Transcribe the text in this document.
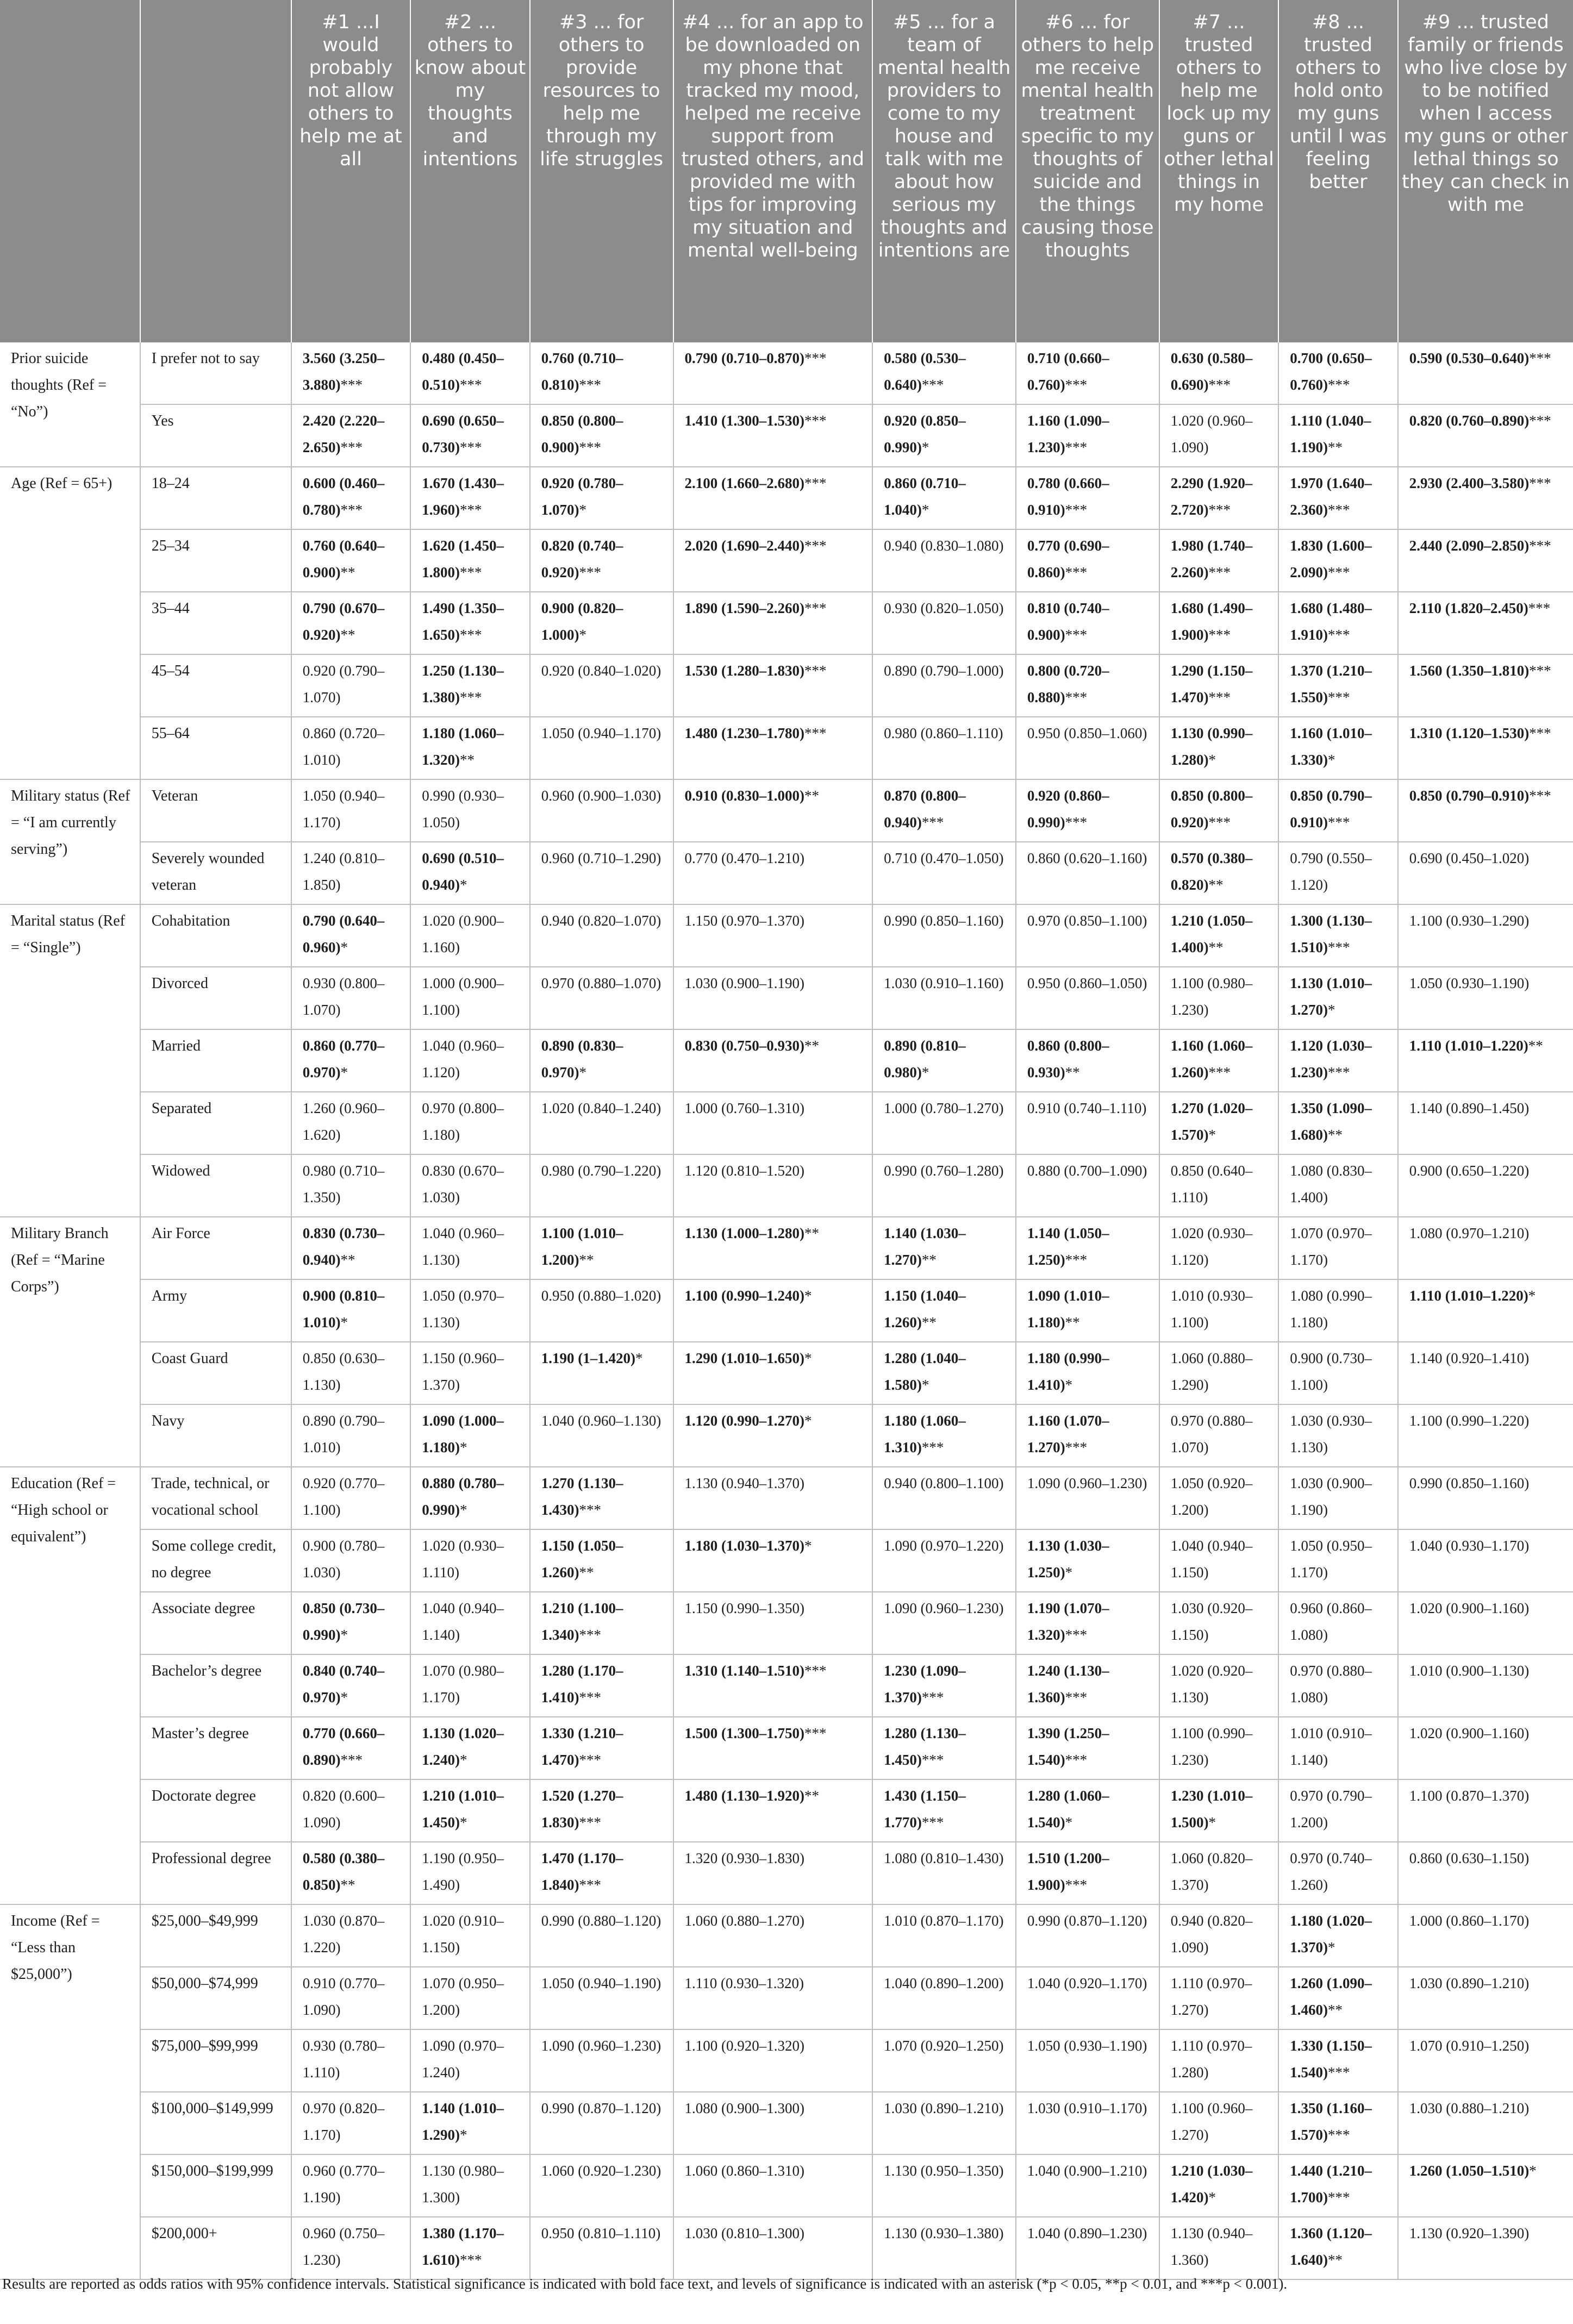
		#1 ...I would probably not allow others to help me at all	#2 ... others to know about my thoughts and intentions	#3 ... for others to provide resources to help me through my life struggles	#4 ... for an app to be downloaded on my phone that tracked my mood, helped me receive support from trusted others, and provided me with tips for improving my situation and mental well-being	#5 ... for a team of mental health providers to come to my house and talk with me about how serious my thoughts and intentions are	#6 ... for others to help me receive mental health treatment specific to my thoughts of suicide and the things causing those thoughts	#7 ... trusted others to help me lock up my guns or other lethal things in my home	#8 ... trusted others to hold onto my guns until I was feeling better	#9 ... trusted family or friends who live close by to be notified when I access my guns or other lethal things so they can check in with me
Prior suicide thoughts (Ref = “No”)	I prefer not to say	3.560 (3.250–3.880)***	0.480 (0.450–0.510)***	0.760 (0.710–0.810)***	0.790 (0.710–0.870)***	0.580 (0.530–0.640)***	0.710 (0.660–0.760)***	0.630 (0.580–0.690)***	0.700 (0.650–0.760)***	0.590 (0.530–0.640)***
	Yes	2.420 (2.220–2.650)***	0.690 (0.650–0.730)***	0.850 (0.800–0.900)***	1.410 (1.300–1.530)***	0.920 (0.850–0.990)*	1.160 (1.090–1.230)***	1.020 (0.960–1.090)	1.110 (1.040–1.190)**	0.820 (0.760–0.890)***
Age (Ref = 65+)	18–24	0.600 (0.460–0.780)***	1.670 (1.430–1.960)***	0.920 (0.780–1.070)*	2.100 (1.660–2.680)***	0.860 (0.710–1.040)*	0.780 (0.660–0.910)***	2.290 (1.920–2.720)***	1.970 (1.640–2.360)***	2.930 (2.400–3.580)***
	25–34	0.760 (0.640–0.900)**	1.620 (1.450–1.800)***	0.820 (0.740–0.920)***	2.020 (1.690–2.440)***	0.940 (0.830–1.080)	0.770 (0.690–0.860)***	1.980 (1.740–2.260)***	1.830 (1.600–2.090)***	2.440 (2.090–2.850)***
	35–44	0.790 (0.670–0.920)**	1.490 (1.350–1.650)***	0.900 (0.820–1.000)*	1.890 (1.590–2.260)***	0.930 (0.820–1.050)	0.810 (0.740–0.900)***	1.680 (1.490–1.900)***	1.680 (1.480–1.910)***	2.110 (1.820–2.450)***
	45–54	0.920 (0.790–1.070)	1.250 (1.130–1.380)***	0.920 (0.840–1.020)	1.530 (1.280–1.830)***	0.890 (0.790–1.000)	0.800 (0.720–0.880)***	1.290 (1.150–1.470)***	1.370 (1.210–1.550)***	1.560 (1.350–1.810)***
	55–64	0.860 (0.720–1.010)	1.180 (1.060–1.320)**	1.050 (0.940–1.170)	1.480 (1.230–1.780)***	0.980 (0.860–1.110)	0.950 (0.850–1.060)	1.130 (0.990–1.280)*	1.160 (1.010–1.330)*	1.310 (1.120–1.530)***
Military status (Ref = “I am currently serving”)	Veteran	1.050 (0.940–1.170)	0.990 (0.930–1.050)	0.960 (0.900–1.030)	0.910 (0.830–1.000)**	0.870 (0.800–0.940)***	0.920 (0.860–0.990)***	0.850 (0.800–0.920)***	0.850 (0.790–0.910)***	0.850 (0.790–0.910)***
	Severely wounded veteran	1.240 (0.810–1.850)	0.690 (0.510–0.940)*	0.960 (0.710–1.290)	0.770 (0.470–1.210)	0.710 (0.470–1.050)	0.860 (0.620–1.160)	0.570 (0.380–0.820)**	0.790 (0.550–1.120)	0.690 (0.450–1.020)
Marital status (Ref = “Single”)	Cohabitation	0.790 (0.640–0.960)*	1.020 (0.900–1.160)	0.940 (0.820–1.070)	1.150 (0.970–1.370)	0.990 (0.850–1.160)	0.970 (0.850–1.100)	1.210 (1.050–1.400)**	1.300 (1.130–1.510)***	1.100 (0.930–1.290)
	Divorced	0.930 (0.800–1.070)	1.000 (0.900–1.100)	0.970 (0.880–1.070)	1.030 (0.900–1.190)	1.030 (0.910–1.160)	0.950 (0.860–1.050)	1.100 (0.980–1.230)	1.130 (1.010–1.270)*	1.050 (0.930–1.190)
	Married	0.860 (0.770–0.970)*	1.040 (0.960–1.120)	0.890 (0.830–0.970)*	0.830 (0.750–0.930)**	0.890 (0.810–0.980)*	0.860 (0.800–0.930)**	1.160 (1.060–1.260)***	1.120 (1.030–1.230)***	1.110 (1.010–1.220)**
	Separated	1.260 (0.960–1.620)	0.970 (0.800–1.180)	1.020 (0.840–1.240)	1.000 (0.760–1.310)	1.000 (0.780–1.270)	0.910 (0.740–1.110)	1.270 (1.020–1.570)*	1.350 (1.090–1.680)**	1.140 (0.890–1.450)
	Widowed	0.980 (0.710–1.350)	0.830 (0.670–1.030)	0.980 (0.790–1.220)	1.120 (0.810–1.520)	0.990 (0.760–1.280)	0.880 (0.700–1.090)	0.850 (0.640–1.110)	1.080 (0.830–1.400)	0.900 (0.650–1.220)
Military Branch (Ref = “Marine Corps”)	Air Force	0.830 (0.730–0.940)**	1.040 (0.960–1.130)	1.100 (1.010–1.200)**	1.130 (1.000–1.280)**	1.140 (1.030–1.270)**	1.140 (1.050–1.250)***	1.020 (0.930–1.120)	1.070 (0.970–1.170)	1.080 (0.970–1.210)
	Army	0.900 (0.810–1.010)*	1.050 (0.970–1.130)	0.950 (0.880–1.020)	1.100 (0.990–1.240)*	1.150 (1.040–1.260)**	1.090 (1.010–1.180)**	1.010 (0.930–1.100)	1.080 (0.990–1.180)	1.110 (1.010–1.220)*
	Coast Guard	0.850 (0.630–1.130)	1.150 (0.960–1.370)	1.190 (1–1.420)*	1.290 (1.010–1.650)*	1.280 (1.040–1.580)*	1.180 (0.990–1.410)*	1.060 (0.880–1.290)	0.900 (0.730–1.100)	1.140 (0.920–1.410)
	Navy	0.890 (0.790–1.010)	1.090 (1.000–1.180)*	1.040 (0.960–1.130)	1.120 (0.990–1.270)*	1.180 (1.060–1.310)***	1.160 (1.070–1.270)***	0.970 (0.880–1.070)	1.030 (0.930–1.130)	1.100 (0.990–1.220)
Education (Ref = “High school or equivalent”)	Trade, technical, or vocational school	0.920 (0.770–1.100)	0.880 (0.780–0.990)*	1.270 (1.130–1.430)***	1.130 (0.940–1.370)	0.940 (0.800–1.100)	1.090 (0.960–1.230)	1.050 (0.920–1.200)	1.030 (0.900–1.190)	0.990 (0.850–1.160)
	Some college credit, no degree	0.900 (0.780–1.030)	1.020 (0.930–1.110)	1.150 (1.050–1.260)**	1.180 (1.030–1.370)*	1.090 (0.970–1.220)	1.130 (1.030–1.250)*	1.040 (0.940–1.150)	1.050 (0.950–1.170)	1.040 (0.930–1.170)
	Associate degree	0.850 (0.730–0.990)*	1.040 (0.940–1.140)	1.210 (1.100–1.340)***	1.150 (0.990–1.350)	1.090 (0.960–1.230)	1.190 (1.070–1.320)***	1.030 (0.920–1.150)	0.960 (0.860–1.080)	1.020 (0.900–1.160)
	Bachelor’s degree	0.840 (0.740–0.970)*	1.070 (0.980–1.170)	1.280 (1.170–1.410)***	1.310 (1.140–1.510)***	1.230 (1.090–1.370)***	1.240 (1.130–1.360)***	1.020 (0.920–1.130)	0.970 (0.880–1.080)	1.010 (0.900–1.130)
	Master’s degree	0.770 (0.660–0.890)***	1.130 (1.020–1.240)*	1.330 (1.210–1.470)***	1.500 (1.300–1.750)***	1.280 (1.130–1.450)***	1.390 (1.250–1.540)***	1.100 (0.990–1.230)	1.010 (0.910–1.140)	1.020 (0.900–1.160)
	Doctorate degree	0.820 (0.600–1.090)	1.210 (1.010–1.450)*	1.520 (1.270–1.830)***	1.480 (1.130–1.920)**	1.430 (1.150–1.770)***	1.280 (1.060–1.540)*	1.230 (1.010–1.500)*	0.970 (0.790–1.200)	1.100 (0.870–1.370)
	Professional degree	0.580 (0.380–0.850)**	1.190 (0.950–1.490)	1.470 (1.170–1.840)***	1.320 (0.930–1.830)	1.080 (0.810–1.430)	1.510 (1.200–1.900)***	1.060 (0.820–1.370)	0.970 (0.740–1.260)	0.860 (0.630–1.150)
Income (Ref = “Less than $25,000”)	$25,000–$49,999	1.030 (0.870–1.220)	1.020 (0.910–1.150)	0.990 (0.880–1.120)	1.060 (0.880–1.270)	1.010 (0.870–1.170)	0.990 (0.870–1.120)	0.940 (0.820–1.090)	1.180 (1.020–1.370)*	1.000 (0.860–1.170)
	$50,000–$74,999	0.910 (0.770–1.090)	1.070 (0.950–1.200)	1.050 (0.940–1.190)	1.110 (0.930–1.320)	1.040 (0.890–1.200)	1.040 (0.920–1.170)	1.110 (0.970–1.270)	1.260 (1.090–1.460)**	1.030 (0.890–1.210)
	$75,000–$99,999	0.930 (0.780–1.110)	1.090 (0.970–1.240)	1.090 (0.960–1.230)	1.100 (0.920–1.320)	1.070 (0.920–1.250)	1.050 (0.930–1.190)	1.110 (0.970–1.280)	1.330 (1.150–1.540)***	1.070 (0.910–1.250)
	$100,000–$149,999	0.970 (0.820–1.170)	1.140 (1.010–1.290)*	0.990 (0.870–1.120)	1.080 (0.900–1.300)	1.030 (0.890–1.210)	1.030 (0.910–1.170)	1.100 (0.960–1.270)	1.350 (1.160–1.570)***	1.030 (0.880–1.210)
	$150,000–$199,999	0.960 (0.770–1.190)	1.130 (0.980–1.300)	1.060 (0.920–1.230)	1.060 (0.860–1.310)	1.130 (0.950–1.350)	1.040 (0.900–1.210)	1.210 (1.030–1.420)*	1.440 (1.210–1.700)***	1.260 (1.050–1.510)*
	$200,000+	0.960 (0.750–1.230)	1.380 (1.170–1.610)***	0.950 (0.810–1.110)	1.030 (0.810–1.300)	1.130 (0.930–1.380)	1.040 (0.890–1.230)	1.130 (0.940–1.360)	1.360 (1.120–1.640)**	1.130 (0.920–1.390)
Results are reported as odds ratios with 95% confidence intervals. Statistical significance is indicated with bold face text, and levels of significance is indicated with an asterisk (*p < 0.05, **p < 0.01, and ***p < 0.001).
